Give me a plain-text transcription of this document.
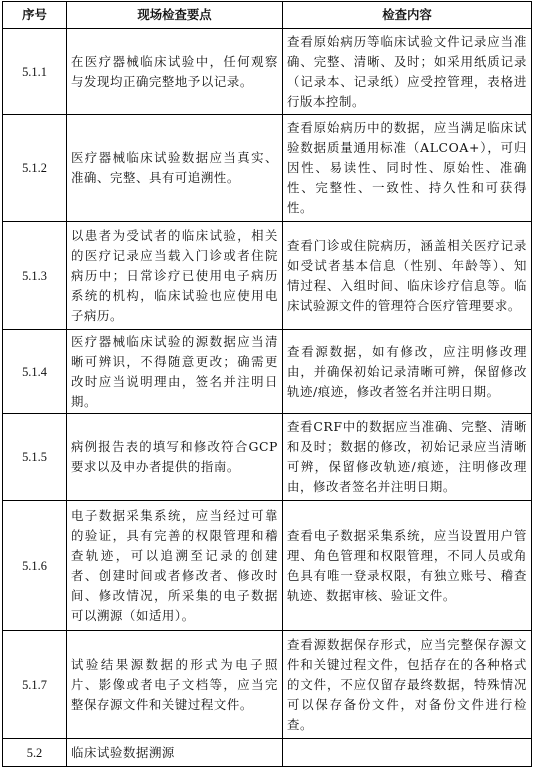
序号	现场检查要点	检查内容
5.1.1	在医疗器械临床试验中，任何观察与发现均正确完整地予以记录。	查看原始病历等临床试验文件记录应当准确、完整、清晰、及时；如采用纸质记录（记录本、记录纸）应受控管理，表格进行版本控制。
5.1.2	医疗器械临床试验数据应当真实、准确、完整、具有可追溯性。	查看原始病历中的数据，应当满足临床试验数据质量通用标准（ALCOA+），可归因性、易读性、同时性、原始性、准确性、完整性、一致性、持久性和可获得性。
5.1.3	以患者为受试者的临床试验，相关的医疗记录应当载入门诊或者住院病历中；日常诊疗已使用电子病历系统的机构，临床试验也应使用电子病历。	查看门诊或住院病历，涵盖相关医疗记录如受试者基本信息（性别、年龄等）、知情过程、入组时间、临床诊疗信息等。临床试验源文件的管理符合医疗管理要求。
5.1.4	医疗器械临床试验的源数据应当清晰可辨识，不得随意更改；确需更改时应当说明理由，签名并注明日期。	查看源数据，如有修改，应注明修改理由，并确保初始记录清晰可辨，保留修改轨迹/痕迹，修改者签名并注明日期。
5.1.5	病例报告表的填写和修改符合GCP要求以及申办者提供的指南。	查看CRF中的数据应当准确、完整、清晰和及时；数据的修改，初始记录应当清晰可辨，保留修改轨迹/痕迹，注明修改理由，修改者签名并注明日期。
5.1.6	电子数据采集系统，应当经过可靠的验证，具有完善的权限管理和稽查轨迹，可以追溯至记录的创建者、创建时间或者修改者、修改时间、修改情况，所采集的电子数据可以溯源（如适用）。	查看电子数据采集系统，应当设置用户管理、角色管理和权限管理，不同人员或角色具有唯一登录权限，有独立账号、稽查轨迹、数据审核、验证文件。
5.1.7	试验结果源数据的形式为电子照片、影像或者电子文档等，应当完整保存源文件和关键过程文件。	查看源数据保存形式，应当完整保存源文件和关键过程文件，包括存在的各种格式的文件，不应仅留存最终数据，特殊情况可以保存备份文件，对备份文件进行检查。
5.2	临床试验数据溯源	
